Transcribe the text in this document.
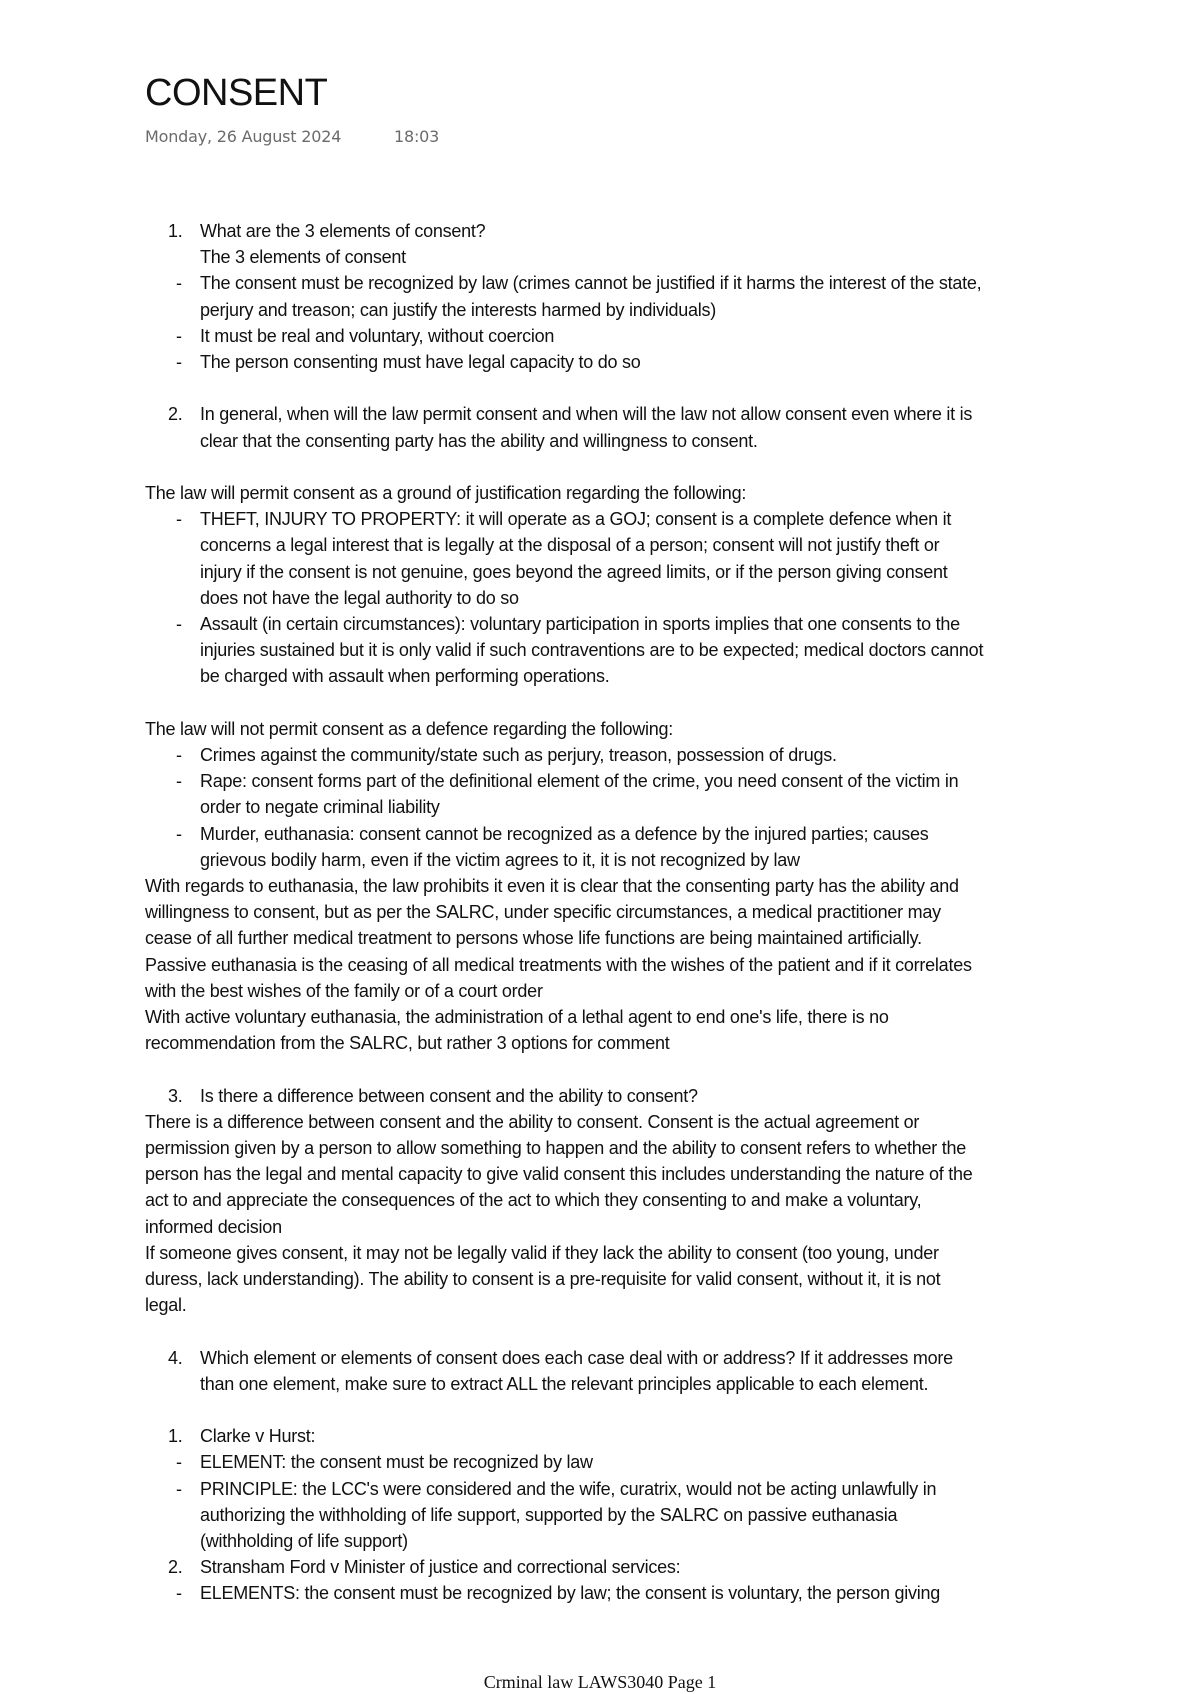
CONSENT
Monday, 26 August 2024	18:03

1. What are the 3 elements of consent?

The 3 elements of consent

- The consent must be recognized by law (crimes cannot be justified if it harms the interest of the state,

perjury and treason; can justify the interests harmed by individuals)

- It must be real and voluntary, without coercion

- The person consenting must have legal capacity to do so

2. In general, when will the law permit consent and when will the law not allow consent even where it is

clear that the consenting party has the ability and willingness to consent.

The law will permit consent as a ground of justification regarding the following:

- THEFT, INJURY TO PROPERTY: it will operate as a GOJ; consent is a complete defence when it

concerns a legal interest that is legally at the disposal of a person; consent will not justify theft or

injury if the consent is not genuine, goes beyond the agreed limits, or if the person giving consent

does not have the legal authority to do so

- Assault (in certain circumstances): voluntary participation in sports implies that one consents to the

injuries sustained but it is only valid if such contraventions are to be expected; medical doctors cannot

be charged with assault when performing operations.

The law will not permit consent as a defence regarding the following:

- Crimes against the community/state such as perjury, treason, possession of drugs.

- Rape: consent forms part of the definitional element of the crime, you need consent of the victim in

order to negate criminal liability

- Murder, euthanasia: consent cannot be recognized as a defence by the injured parties; causes

grievous bodily harm, even if the victim agrees to it, it is not recognized by law

With regards to euthanasia, the law prohibits it even it is clear that the consenting party has the ability and

willingness to consent, but as per the SALRC, under specific circumstances, a medical practitioner may

cease of all further medical treatment to persons whose life functions are being maintained artificially.

Passive euthanasia is the ceasing of all medical treatments with the wishes of the patient and if it correlates

with the best wishes of the family or of a court order

With active voluntary euthanasia, the administration of a lethal agent to end one's life, there is no

recommendation from the SALRC, but rather 3 options for comment

3. Is there a difference between consent and the ability to consent?

There is a difference between consent and the ability to consent. Consent is the actual agreement or

permission given by a person to allow something to happen and the ability to consent refers to whether the

person has the legal and mental capacity to give valid consent this includes understanding the nature of the

act to and appreciate the consequences of the act to which they consenting to and make a voluntary,

informed decision

If someone gives consent, it may not be legally valid if they lack the ability to consent (too young, under

duress, lack understanding). The ability to consent is a pre-requisite for valid consent, without it, it is not

legal.

4. Which element or elements of consent does each case deal with or address? If it addresses more

than one element, make sure to extract ALL the relevant principles applicable to each element.

1. Clarke v Hurst:

- ELEMENT: the consent must be recognized by law

- PRINCIPLE: the LCC's were considered and the wife, curatrix, would not be acting unlawfully in

authorizing the withholding of life support, supported by the SALRC on passive euthanasia

(withholding of life support)

2. Stransham Ford v Minister of justice and correctional services:

- ELEMENTS: the consent must be recognized by law; the consent is voluntary, the person giving

Crminal law LAWS3040 Page 1
